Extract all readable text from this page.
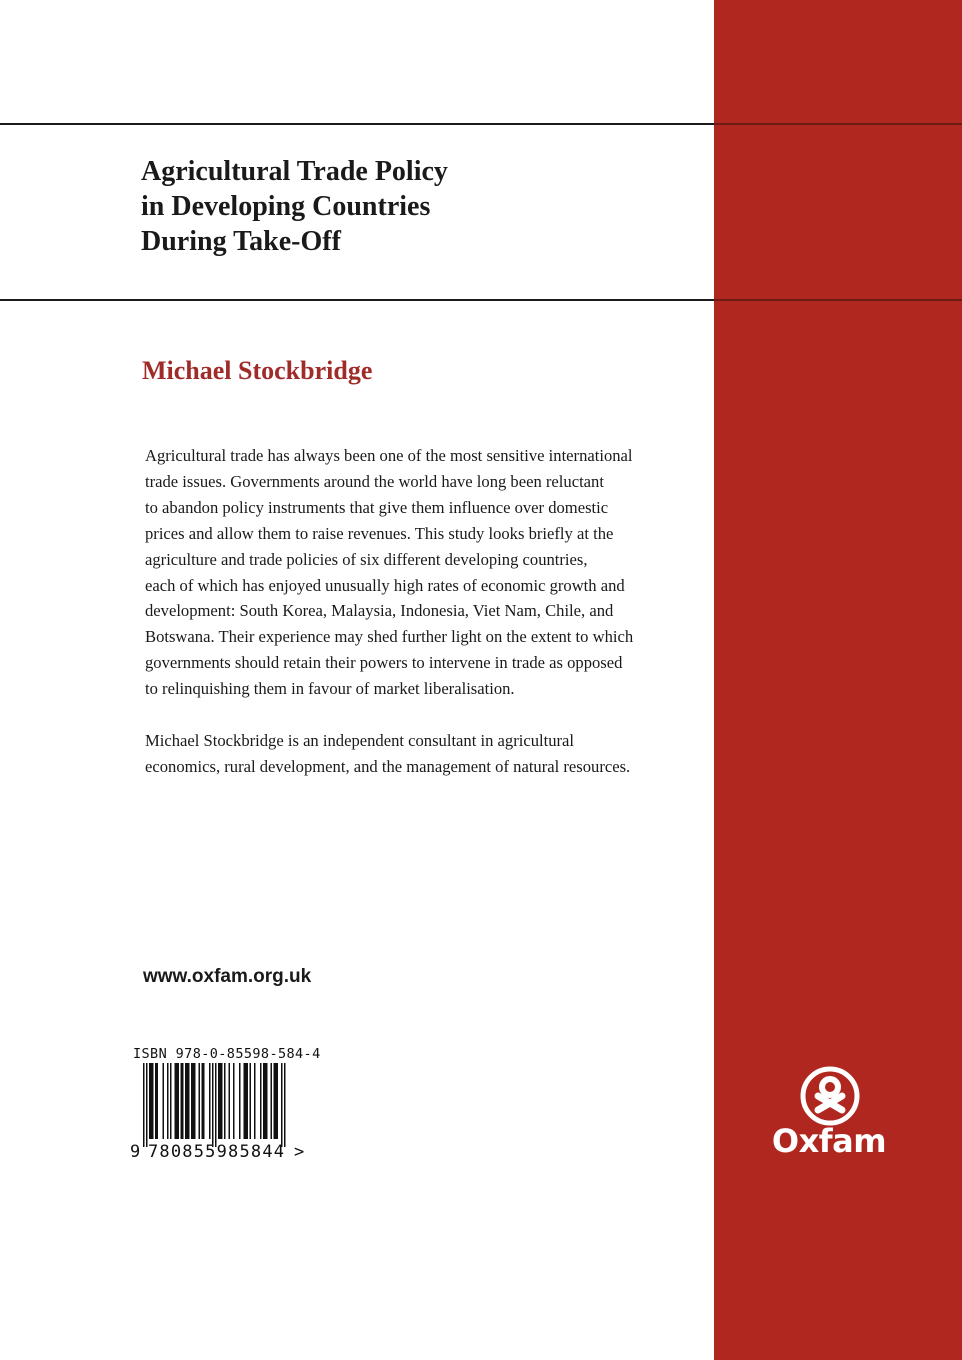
Agricultural Trade Policy
in Developing Countries
During Take-Off
Michael Stockbridge
Agricultural trade has always been one of the most sensitive international
trade issues. Governments around the world have long been reluctant
to abandon policy instruments that give them influence over domestic
prices and allow them to raise revenues. This study looks briefly at the
agriculture and trade policies of six different developing countries,
each of which has enjoyed unusually high rates of economic growth and
development: South Korea, Malaysia, Indonesia, Viet Nam, Chile, and
Botswana. Their experience may shed further light on the extent to which
governments should retain their powers to intervene in trade as opposed
to relinquishing them in favour of market liberalisation.
Michael Stockbridge is an independent consultant in agricultural
economics, rural development, and the management of natural resources.
www.oxfam.org.uk
ISBN 978-0-85598-584-4
9 780855985844 >	Oxfam
